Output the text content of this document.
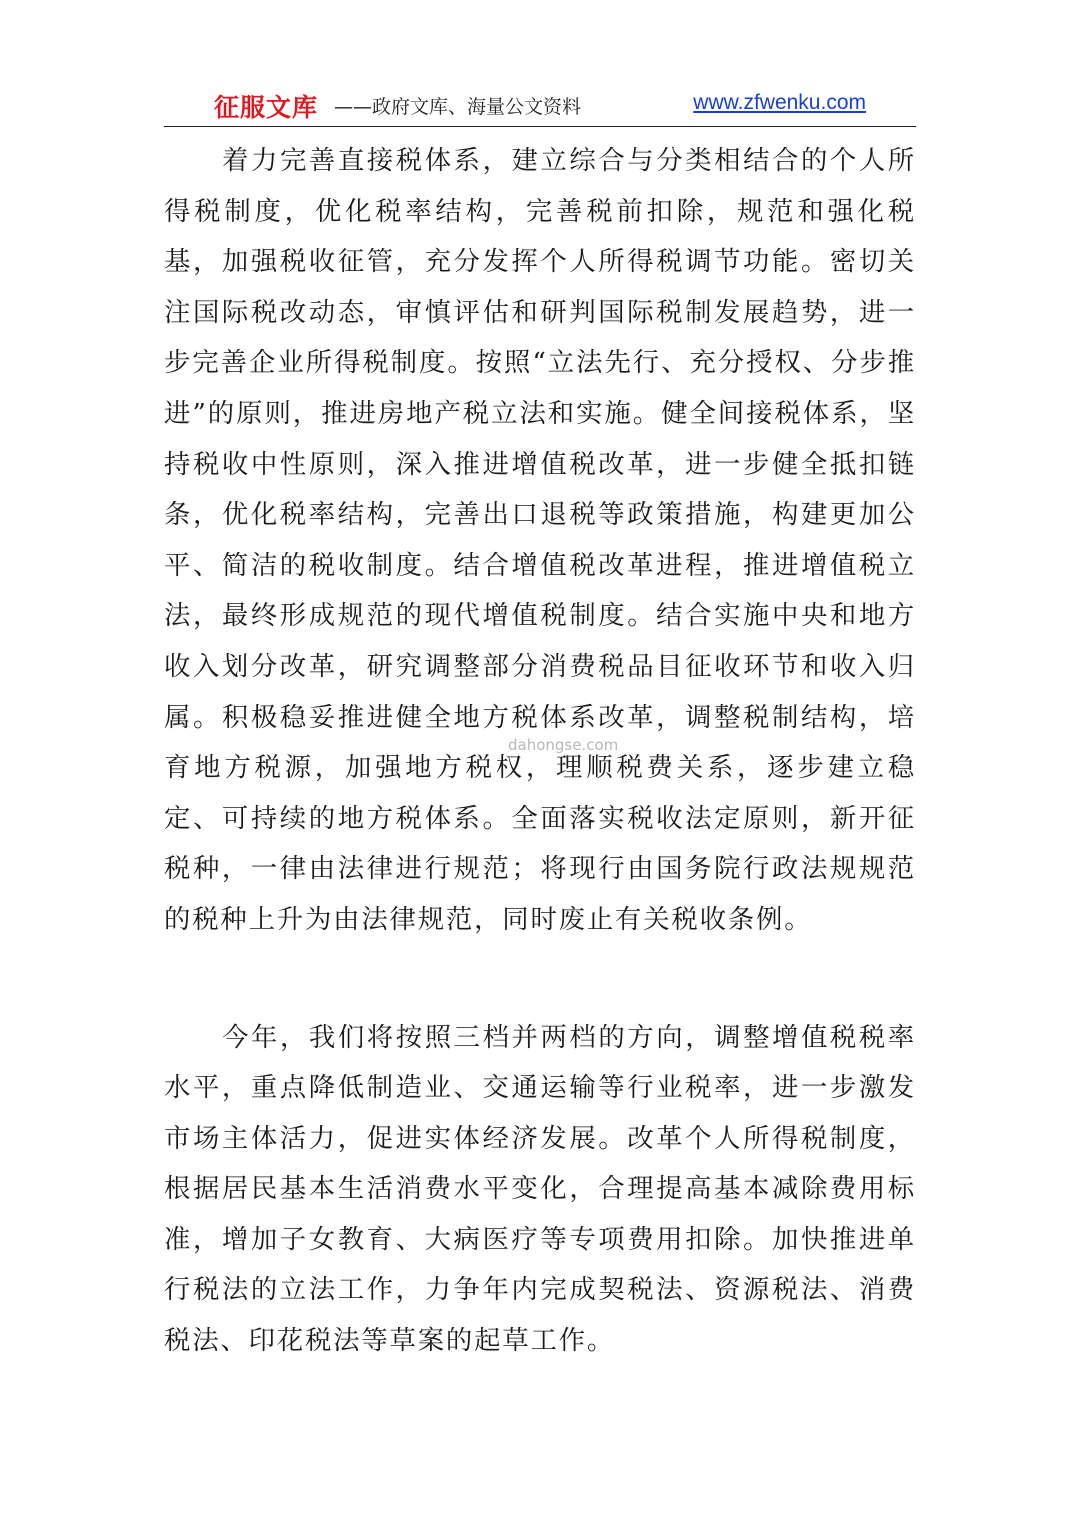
征服文库 ——政府文库、海量公文资料	www.zfwenku.com

着力完善直接税体系，建立综合与分类相结合的个人所得税制度，优化税率结构，完善税前扣除，规范和强化税基，加强税收征管，充分发挥个人所得税调节功能。密切关注国际税改动态，审慎评估和研判国际税制发展趋势，进一步完善企业所得税制度。按照“立法先行、充分授权、分步推进”的原则，推进房地产税立法和实施。健全间接税体系，坚持税收中性原则，深入推进增值税改革，进一步健全抵扣链条，优化税率结构，完善出口退税等政策措施，构建更加公平、简洁的税收制度。结合增值税改革进程，推进增值税立法，最终形成规范的现代增值税制度。结合实施中央和地方收入划分改革，研究调整部分消费税品目征收环节和收入归属。积极稳妥推进健全地方税体系改革，调整税制结构，培育地方税源，加强地方税权，理顺税费关系，逐步建立稳定、可持续的地方税体系。全面落实税收法定原则，新开征税种，一律由法律进行规范；将现行由国务院行政法规规范的税种上升为由法律规范，同时废止有关税收条例。

今年，我们将按照三档并两档的方向，调整增值税税率水平，重点降低制造业、交通运输等行业税率，进一步激发市场主体活力，促进实体经济发展。改革个人所得税制度，根据居民基本生活消费水平变化，合理提高基本减除费用标准，增加子女教育、大病医疗等专项费用扣除。加快推进单行税法的立法工作，力争年内完成契税法、资源税法、消费税法、印花税法等草案的起草工作。

dahongse.com
